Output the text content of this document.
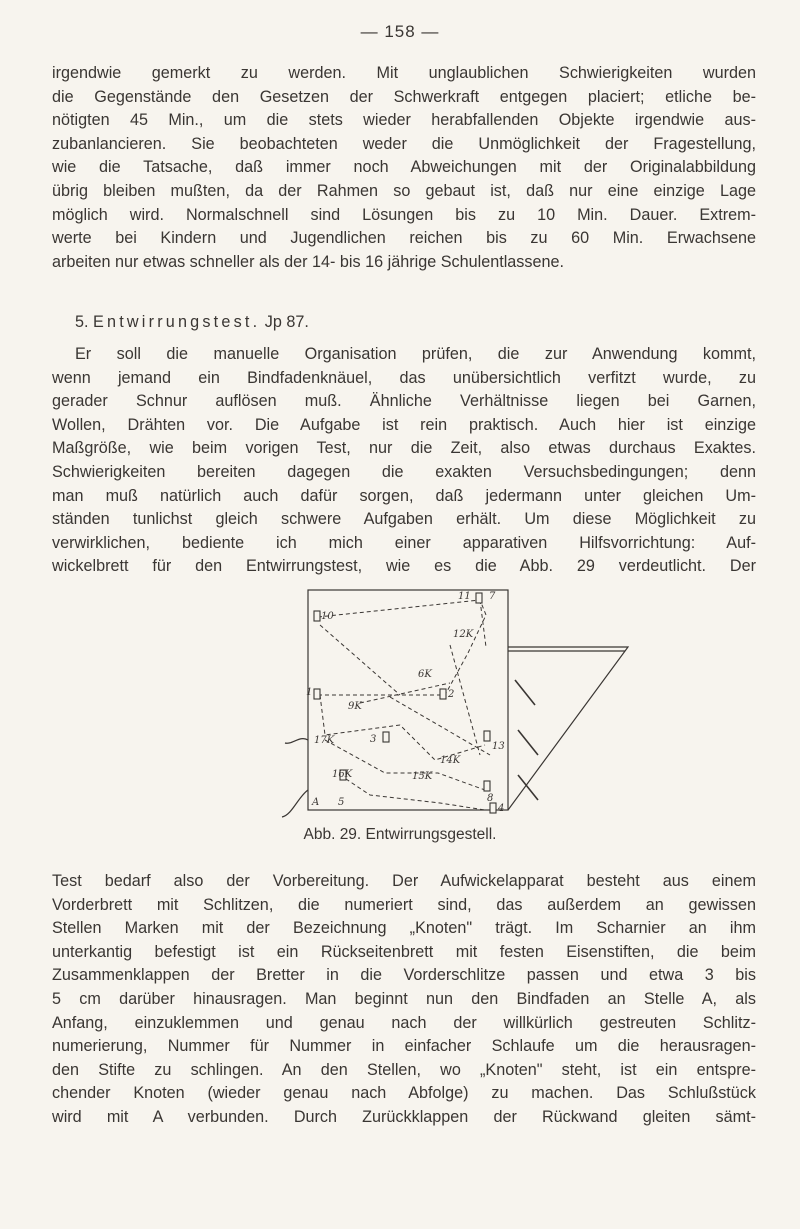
— 158 —
irgendwie gemerkt zu werden. Mit unglaublichen Schwierigkeiten wurden
die Gegenstände den Gesetzen der Schwerkraft entgegen placiert; etliche be-
nötigten 45 Min., um die stets wieder herabfallenden Objekte irgendwie aus-
zubanlancieren. Sie beobachteten weder die Unmöglichkeit der Fragestellung,
wie die Tatsache, daß immer noch Abweichungen mit der Originalabbildung
übrig bleiben mußten, da der Rahmen so gebaut ist, daß nur eine einzige Lage
möglich wird. Normalschnell sind Lösungen bis zu 10 Min. Dauer. Extrem-
werte bei Kindern und Jugendlichen reichen bis zu 60 Min. Erwachsene
arbeiten nur etwas schneller als der 14- bis 16 jährige Schulentlassene.
5. Entwirrungstest. Jp 87.
Er soll die manuelle Organisation prüfen, die zur Anwendung kommt,
wenn jemand ein Bindfadenknäuel, das unübersichtlich verfitzt wurde, zu
gerader Schnur auflösen muß. Ähnliche Verhältnisse liegen bei Garnen,
Wollen, Drähten vor. Die Aufgabe ist rein praktisch. Auch hier ist einzige
Maßgröße, wie beim vorigen Test, nur die Zeit, also etwas durchaus Exaktes.
Schwierigkeiten bereiten dagegen die exakten Versuchsbedingungen; denn
man muß natürlich auch dafür sorgen, daß jedermann unter gleichen Um-
ständen tunlichst gleich schwere Aufgaben erhält. Um diese Möglichkeit zu
verwirklichen, bediente ich mich einer apparativen Hilfsvorrichtung: Auf-
wickelbrett für den Entwirrungstest, wie es die Abb. 29 verdeutlicht. Der
11 7
10
12K
6K
1
9K
2
17K	3
13
14K
16K	15K
8
A 5
4
Abb. 29. Entwirrungsgestell.
Test bedarf also der Vorbereitung. Der Aufwickelapparat besteht aus einem
Vorderbrett mit Schlitzen, die numeriert sind, das außerdem an gewissen
Stellen Marken mit der Bezeichnung „Knoten" trägt. Im Scharnier an ihm
unterkantig befestigt ist ein Rückseitenbrett mit festen Eisenstiften, die beim
Zusammenklappen der Bretter in die Vorderschlitze passen und etwa 3 bis
5 cm darüber hinausragen. Man beginnt nun den Bindfaden an Stelle A, als
Anfang, einzuklemmen und genau nach der willkürlich gestreuten Schlitz-
numerierung, Nummer für Nummer in einfacher Schlaufe um die herausragen-
den Stifte zu schlingen. An den Stellen, wo „Knoten" steht, ist ein entspre-
chender Knoten (wieder genau nach Abfolge) zu machen. Das Schlußstück
wird mit A verbunden. Durch Zurückklappen der Rückwand gleiten sämt-
